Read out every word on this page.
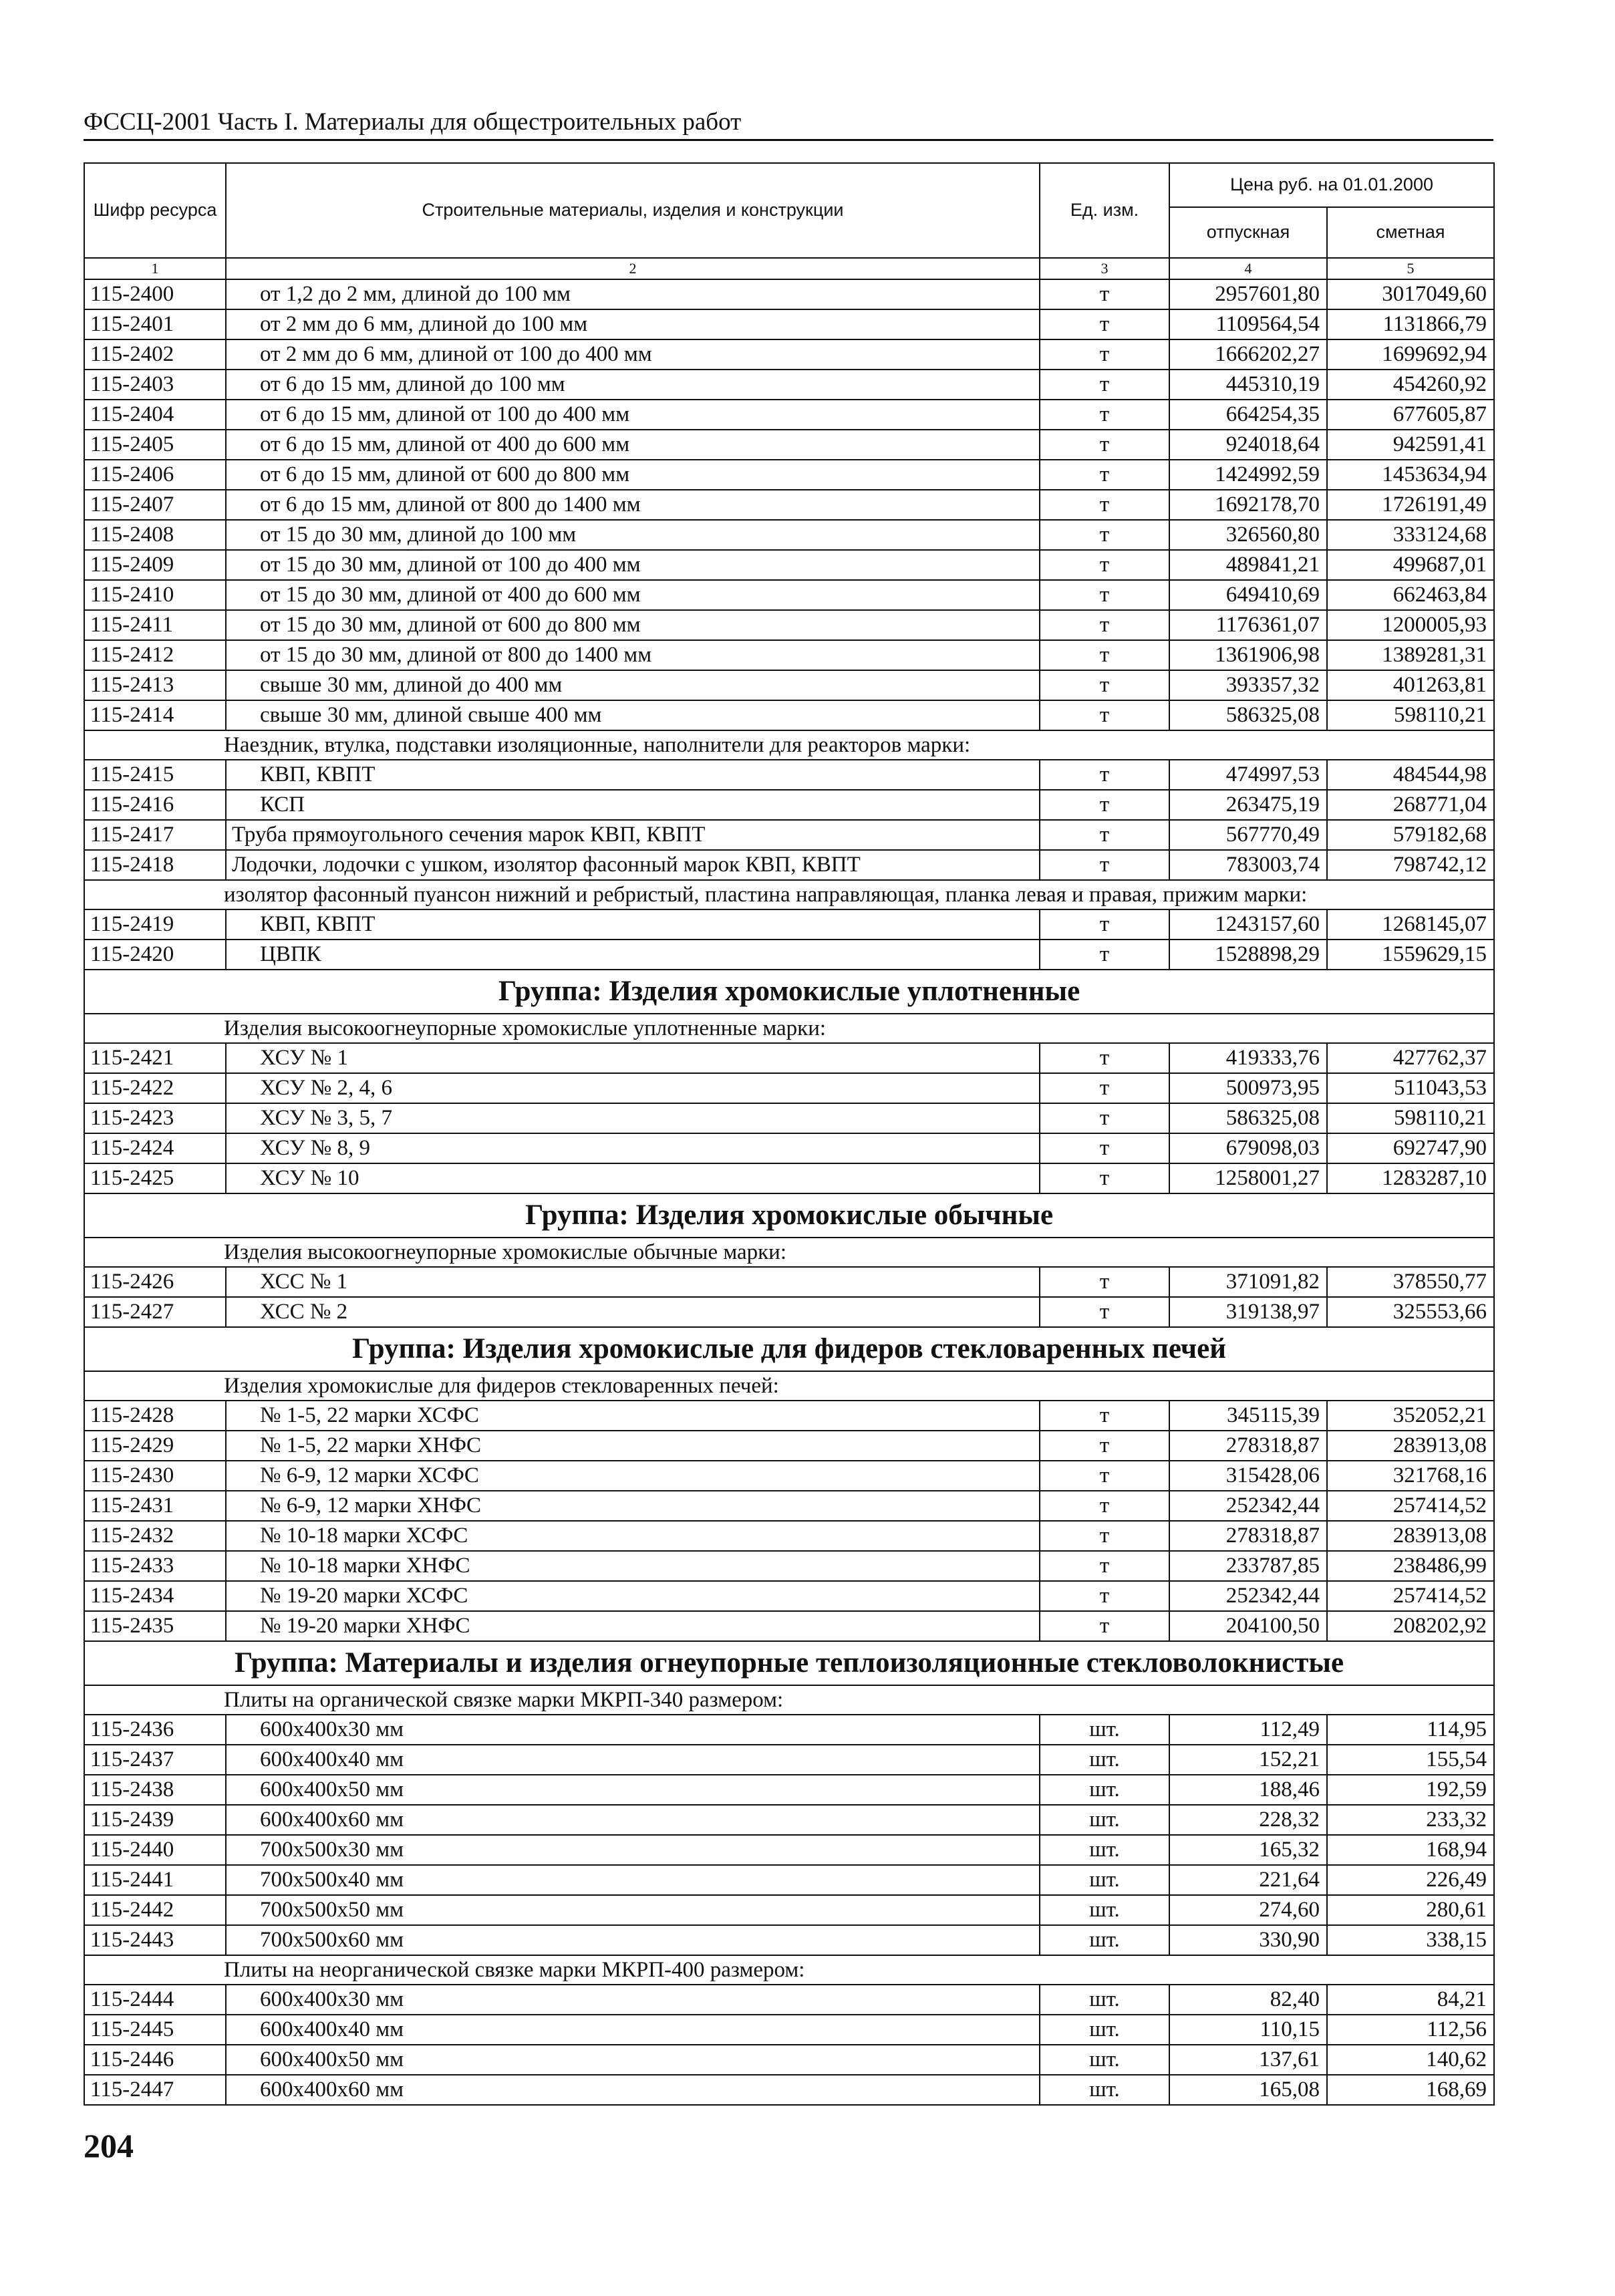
ФССЦ-2001 Часть I. Материалы для общестроительных работ
Шифр ресурса	Строительные материалы, изделия и конструкции	Ед. изм.	Цена руб. на 01.01.2000	
			отпускная	сметная
1	2	3	4	5
115-2400	от 1,2 до 2 мм, длиной до 100 мм	т	2957601,80	3017049,60
115-2401	от 2 мм до 6 мм, длиной до 100 мм	т	1109564,54	1131866,79
115-2402	от 2 мм до 6 мм, длиной от 100 до 400 мм	т	1666202,27	1699692,94
115-2403	от 6 до 15 мм, длиной до 100 мм	т	445310,19	454260,92
115-2404	от 6 до 15 мм, длиной от 100 до 400 мм	т	664254,35	677605,87
115-2405	от 6 до 15 мм, длиной от 400 до 600 мм	т	924018,64	942591,41
115-2406	от 6 до 15 мм, длиной от 600 до 800 мм	т	1424992,59	1453634,94
115-2407	от 6 до 15 мм, длиной от 800 до 1400 мм	т	1692178,70	1726191,49
115-2408	от 15 до 30 мм, длиной до 100 мм	т	326560,80	333124,68
115-2409	от 15 до 30 мм, длиной от 100 до 400 мм	т	489841,21	499687,01
115-2410	от 15 до 30 мм, длиной от 400 до 600 мм	т	649410,69	662463,84
115-2411	от 15 до 30 мм, длиной от 600 до 800 мм	т	1176361,07	1200005,93
115-2412	от 15 до 30 мм, длиной от 800 до 1400 мм	т	1361906,98	1389281,31
115-2413	свыше 30 мм, длиной до 400 мм	т	393357,32	401263,81
115-2414	свыше 30 мм, длиной свыше 400 мм	т	586325,08	598110,21
Наездник, втулка, подставки изоляционные, наполнители для реакторов марки:				
115-2415	КВП, КВПТ	т	474997,53	484544,98
115-2416	КСП	т	263475,19	268771,04
115-2417	Труба прямоугольного сечения марок КВП, КВПТ	т	567770,49	579182,68
115-2418	Лодочки, лодочки с ушком, изолятор фасонный марок КВП, КВПТ	т	783003,74	798742,12
изолятор фасонный пуансон нижний и ребристый, пластина направляющая, планка левая и правая, прижим марки:				
115-2419	КВП, КВПТ	т	1243157,60	1268145,07
115-2420	ЦВПК	т	1528898,29	1559629,15
Группа: Изделия хромокислые уплотненные				
Изделия высокоогнеупорные хромокислые уплотненные марки:				
115-2421	ХСУ № 1	т	419333,76	427762,37
115-2422	ХСУ № 2, 4, 6	т	500973,95	511043,53
115-2423	ХСУ № 3, 5, 7	т	586325,08	598110,21
115-2424	ХСУ № 8, 9	т	679098,03	692747,90
115-2425	ХСУ № 10	т	1258001,27	1283287,10
Группа: Изделия хромокислые обычные				
Изделия высокоогнеупорные хромокислые обычные марки:				
115-2426	ХСС № 1	т	371091,82	378550,77
115-2427	ХСС № 2	т	319138,97	325553,66
Группа: Изделия хромокислые для фидеров стекловаренных печей				
Изделия хромокислые для фидеров стекловаренных печей:				
115-2428	№ 1-5, 22 марки ХСФС	т	345115,39	352052,21
115-2429	№ 1-5, 22 марки ХНФС	т	278318,87	283913,08
115-2430	№ 6-9, 12 марки ХСФС	т	315428,06	321768,16
115-2431	№ 6-9, 12 марки ХНФС	т	252342,44	257414,52
115-2432	№ 10-18 марки ХСФС	т	278318,87	283913,08
115-2433	№ 10-18 марки ХНФС	т	233787,85	238486,99
115-2434	№ 19-20 марки ХСФС	т	252342,44	257414,52
115-2435	№ 19-20 марки ХНФС	т	204100,50	208202,92
Группа: Материалы и изделия огнеупорные теплоизоляционные стекловолокнистые				
Плиты на органической связке марки МКРП-340 размером:				
115-2436	600x400x30 мм	шт.	112,49	114,95
115-2437	600x400x40 мм	шт.	152,21	155,54
115-2438	600x400x50 мм	шт.	188,46	192,59
115-2439	600x400x60 мм	шт.	228,32	233,32
115-2440	700x500x30 мм	шт.	165,32	168,94
115-2441	700x500x40 мм	шт.	221,64	226,49
115-2442	700x500x50 мм	шт.	274,60	280,61
115-2443	700x500x60 мм	шт.	330,90	338,15
Плиты на неорганической связке марки МКРП-400 размером:				
115-2444	600x400x30 мм	шт.	82,40	84,21
115-2445	600x400x40 мм	шт.	110,15	112,56
115-2446	600x400x50 мм	шт.	137,61	140,62
115-2447	600x400x60 мм	шт.	165,08	168,69
204
